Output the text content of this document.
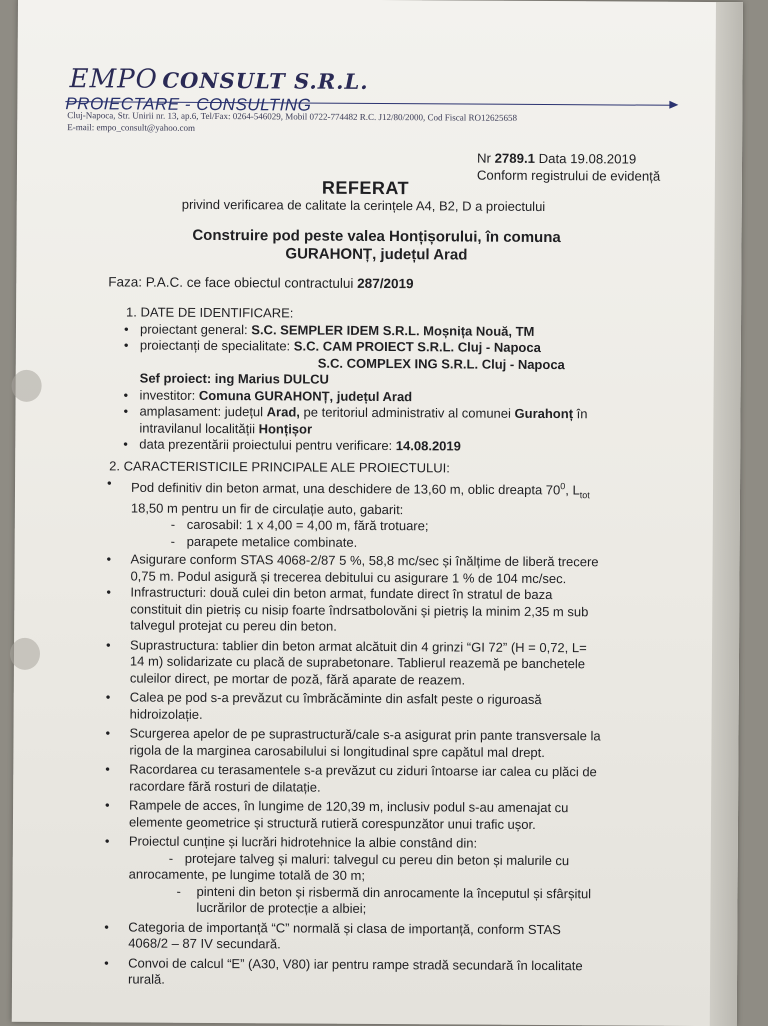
EMPO CONSULT S.R.L.
PROIECTARE - CONSULTING
Cluj-Napoca, Str. Unirii nr. 13, ap.6, Tel/Fax: 0264-546029, Mobil 0722-774482 R.C. J12/80/2000, Cod Fiscal RO12625658
E-mail: empo_consult@yahoo.com
Nr 2789.1 Data 19.08.2019
Conform registrului de evidență
REFERAT
privind verificarea de calitate la cerințele A4, B2, D a proiectului
Construire pod peste valea Honțișorului, în comuna
GURAHONȚ, județul Arad
Faza: P.A.C. ce face obiectul contractului 287/2019
1. DATE DE IDENTIFICARE:
• proiectant general: S.C. SEMPLER IDEM S.R.L. Moșnița Nouă, TM
• proiectanți de specialitate: S.C. CAM PROIECT S.R.L. Cluj - Napoca
S.C. COMPLEX ING S.R.L. Cluj - Napoca
Sef proiect: ing Marius DULCU
• investitor: Comuna GURAHONȚ, județul Arad
• amplasament: județul Arad, pe teritoriul administrativ al comunei Gurahonț în
intravilanul localității Honțișor
• data prezentării proiectului pentru verificare: 14.08.2019
2. CARACTERISTICILE PRINCIPALE ALE PROIECTULUI:
• Pod definitiv din beton armat, una deschidere de 13,60 m, oblic dreapta $70^0$, $L_{tot}$
18,50 m pentru un fir de circulație auto, gabarit:
- carosabil: 1 x 4,00 = 4,00 m, fără trotuare;
- parapete metalice combinate.
• Asigurare conform STAS 4068-2/87 5 %, 58,8 mc/sec și înălțime de liberă trecere
0,75 m. Podul asigură și trecerea debitului cu asigurare 1 % de 104 mc/sec.
• Infrastructuri: două culei din beton armat, fundate direct în stratul de baza
constituit din pietriș cu nisip foarte îndrsatbolovăni și pietriș la minim 2,35 m sub
talvegul protejat cu pereu din beton.
• Suprastructura: tablier din beton armat alcătuit din 4 grinzi “GI 72” (H = 0,72, L=
14 m) solidarizate cu placă de suprabetonare. Tablierul reazemă pe banchetele
culeilor direct, pe mortar de poză, fără aparate de reazem.
• Calea pe pod s-a prevăzut cu îmbrăcăminte din asfalt peste o riguroasă
hidroizolație.
• Scurgerea apelor de pe suprastructură/cale s-a asigurat prin pante transversale la
rigola de la marginea carosabilului si longitudinal spre capătul mal drept.
• Racordarea cu terasamentele s-a prevăzut cu ziduri întoarse iar calea cu plăci de
racordare fără rosturi de dilatație.
• Rampele de acces, în lungime de 120,39 m, inclusiv podul s-au amenajat cu
elemente geometrice și structură rutieră corespunzător unui trafic ușor.
• Proiectul cunține și lucrări hidrotehnice la albie constând din:
- protejare talveg și maluri: talvegul cu pereu din beton și malurile cu
anrocamente, pe lungime totală de 30 m;
- pinteni din beton și risbermă din anrocamente la începutul și sfârșitul
lucrărilor de protecție a albiei;
• Categoria de importanță “C” normală și clasa de importanță, conform STAS
4068/2 – 87 IV secundară.
• Convoi de calcul “E” (A30, V80) iar pentru rampe stradă secundară în localitate
rurală.
